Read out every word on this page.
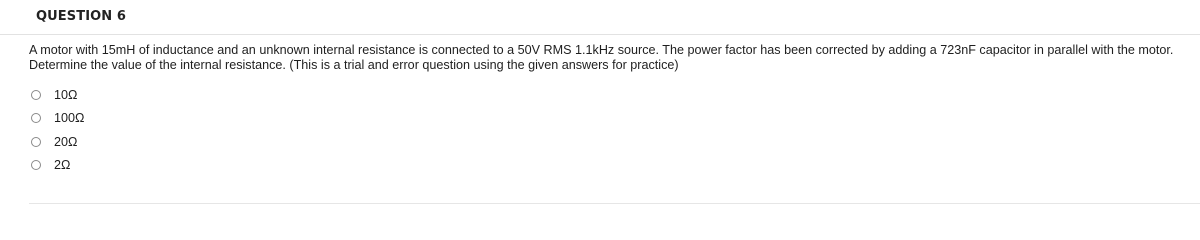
QUESTION 6
A motor with 15mH of inductance and an unknown internal resistance is connected to a 50V RMS 1.1kHz source. The power factor has been corrected by adding a 723nF capacitor in parallel with the motor. Determine the value of the internal resistance. (This is a trial and error question using the given answers for practice)
10Ω
100Ω
20Ω
2Ω
